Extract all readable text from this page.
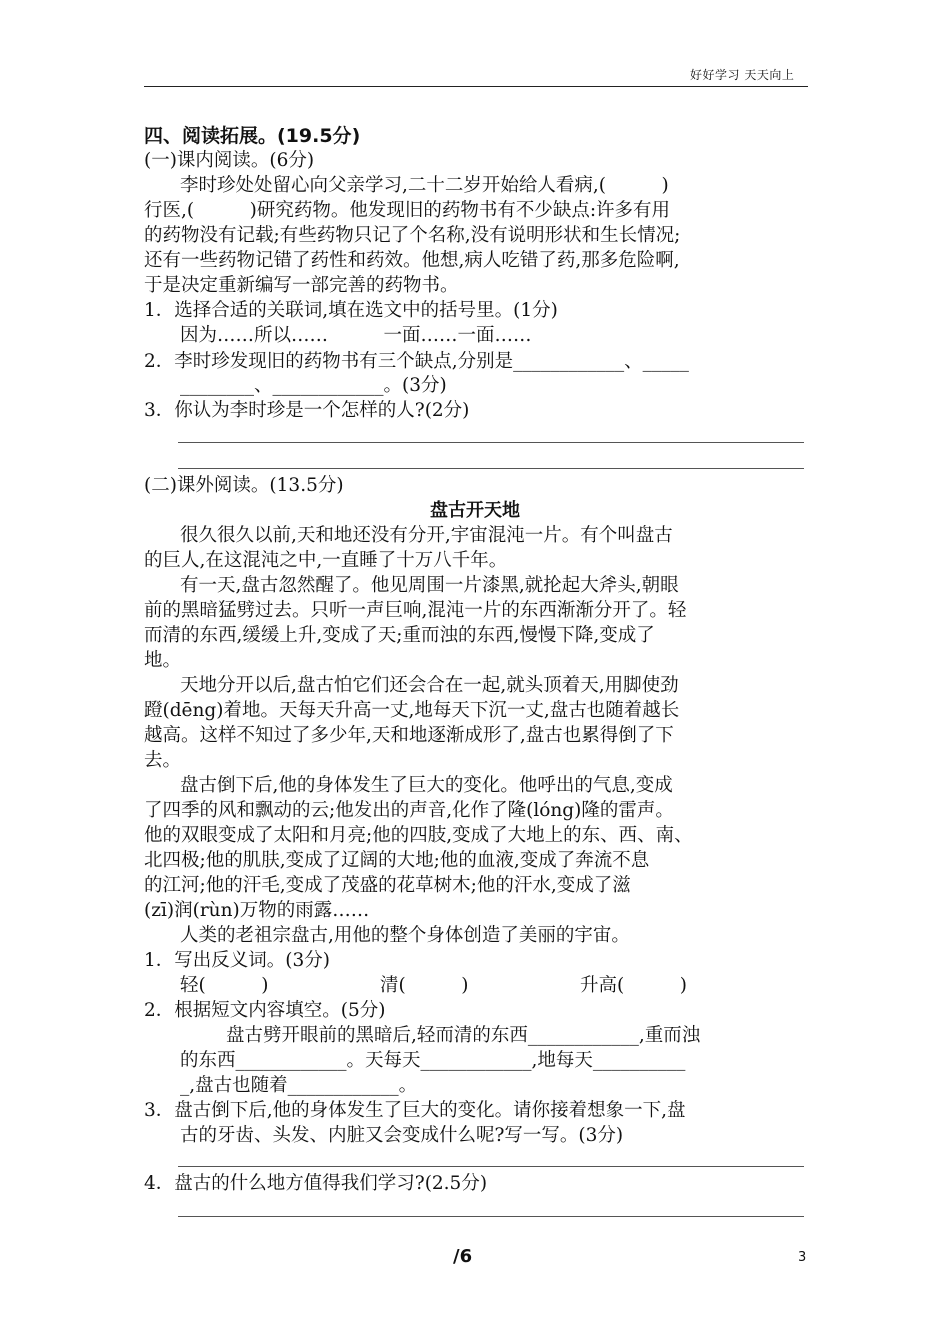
好好学习 天天向上
四、阅读拓展。(19.5分)
(一)课内阅读。(6分)
李时珍处处留心向父亲学习,二十二岁开始给人看病,(　　　)
行医,(　　　)研究药物。他发现旧的药物书有不少缺点:许多有用
的药物没有记载;有些药物只记了个名称,没有说明形状和生长情况;
还有一些药物记错了药性和药效。他想,病人吃错了药,那多危险啊,
于是决定重新编写一部完善的药物书。
1．选择合适的关联词,填在选文中的括号里。(1分)
因为……所以……　　　一面……一面……
2．李时珍发现旧的药物书有三个缺点,分别是____________、_____
________、____________。(3分)
3．你认为李时珍是一个怎样的人?(2分)
(二)课外阅读。(13.5分)
盘古开天地
很久很久以前,天和地还没有分开,宇宙混沌一片。有个叫盘古
的巨人,在这混沌之中,一直睡了十万八千年。
有一天,盘古忽然醒了。他见周围一片漆黑,就抡起大斧头,朝眼
前的黑暗猛劈过去。只听一声巨响,混沌一片的东西渐渐分开了。轻
而清的东西,缓缓上升,变成了天;重而浊的东西,慢慢下降,变成了
地。
天地分开以后,盘古怕它们还会合在一起,就头顶着天,用脚使劲
蹬(dēng)着地。天每天升高一丈,地每天下沉一丈,盘古也随着越长
越高。这样不知过了多少年,天和地逐渐成形了,盘古也累得倒了下
去。
盘古倒下后,他的身体发生了巨大的变化。他呼出的气息,变成
了四季的风和飘动的云;他发出的声音,化作了隆(lóng)隆的雷声。
他的双眼变成了太阳和月亮;他的四肢,变成了大地上的东、西、南、
北四极;他的肌肤,变成了辽阔的大地;他的血液,变成了奔流不息
的江河;他的汗毛,变成了茂盛的花草树木;他的汗水,变成了滋
(zī)润(rùn)万物的雨露……
人类的老祖宗盘古,用他的整个身体创造了美丽的宇宙。
1．写出反义词。(3分)
轻(　　　)	清(　　　)	升高(　　　)
2．根据短文内容填空。(5分)
盘古劈开眼前的黑暗后,轻而清的东西____________,重而浊
的东西____________。天每天____________,地每天__________
_,盘古也随着____________。
3．盘古倒下后,他的身体发生了巨大的变化。请你接着想象一下,盘
古的牙齿、头发、内脏又会变成什么呢?写一写。(3分)
4．盘古的什么地方值得我们学习?(2.5分)
/6	3
